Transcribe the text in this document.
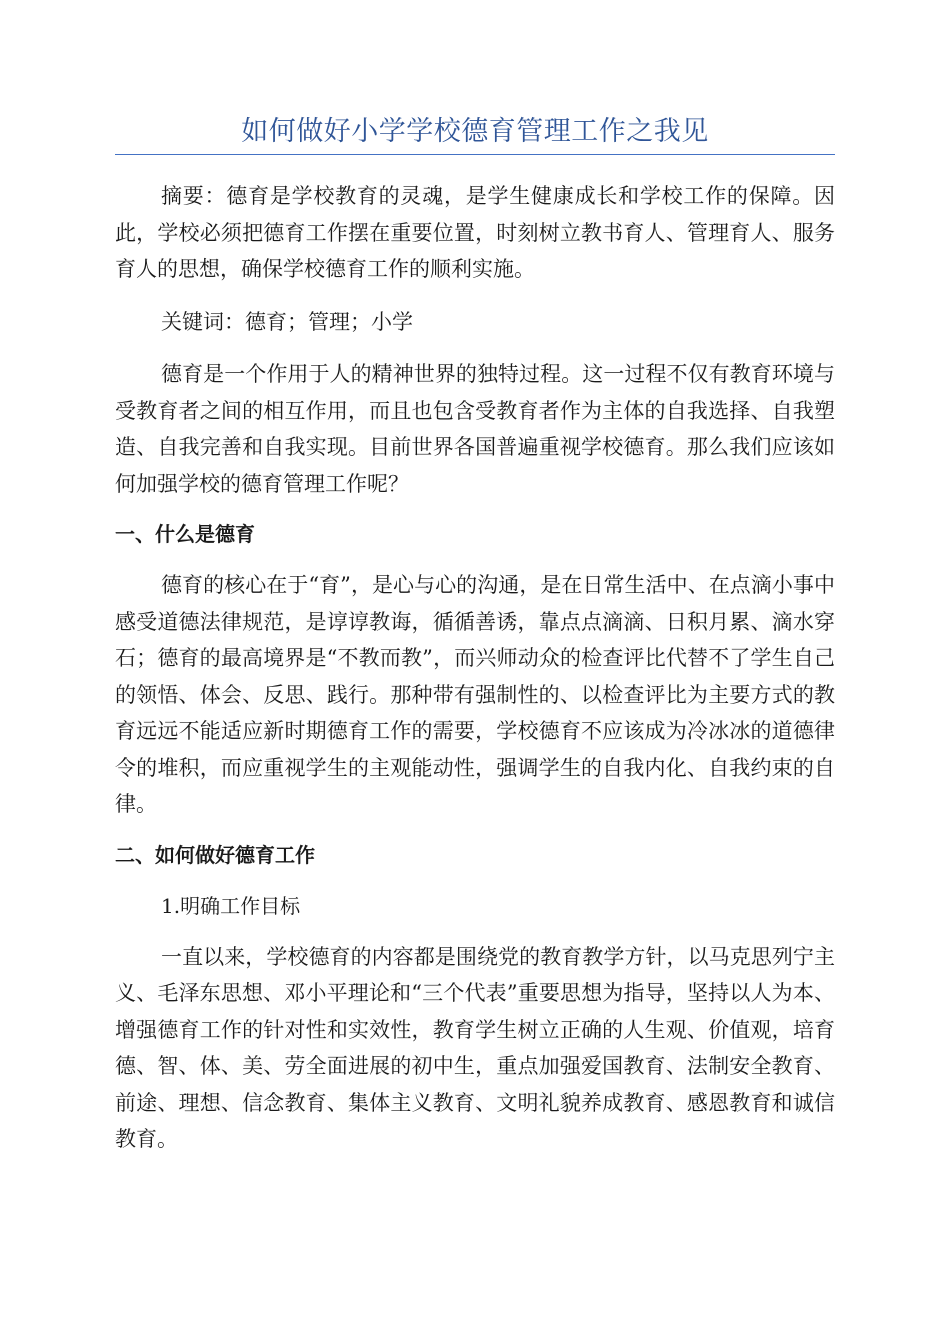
如何做好小学学校德育管理工作之我见

摘要：德育是学校教育的灵魂，是学生健康成长和学校工作的保障。因此，学校必须把德育工作摆在重要位置，时刻树立教书育人、管理育人、服务育人的思想，确保学校德育工作的顺利实施。

关键词：德育；管理；小学

德育是一个作用于人的精神世界的独特过程。这一过程不仅有教育环境与受教育者之间的相互作用，而且也包含受教育者作为主体的自我选择、自我塑造、自我完善和自我实现。目前世界各国普遍重视学校德育。那么我们应该如何加强学校的德育管理工作呢？

一、什么是德育

德育的核心在于“育”，是心与心的沟通，是在日常生活中、在点滴小事中感受道德法律规范，是谆谆教诲，循循善诱，靠点点滴滴、日积月累、滴水穿石；德育的最高境界是“不教而教”，而兴师动众的检查评比代替不了学生自己的领悟、体会、反思、践行。那种带有强制性的、以检查评比为主要方式的教育远远不能适应新时期德育工作的需要，学校德育不应该成为冷冰冰的道德律令的堆积，而应重视学生的主观能动性，强调学生的自我内化、自我约束的自律。

二、如何做好德育工作

1.明确工作目标

一直以来，学校德育的内容都是围绕党的教育教学方针，以马克思列宁主义、毛泽东思想、邓小平理论和“三个代表”重要思想为指导，坚持以人为本、增强德育工作的针对性和实效性，教育学生树立正确的人生观、价值观，培育德、智、体、美、劳全面进展的初中生，重点加强爱国教育、法制安全教育、前途、理想、信念教育、集体主义教育、文明礼貌养成教育、感恩教育和诚信教育。
